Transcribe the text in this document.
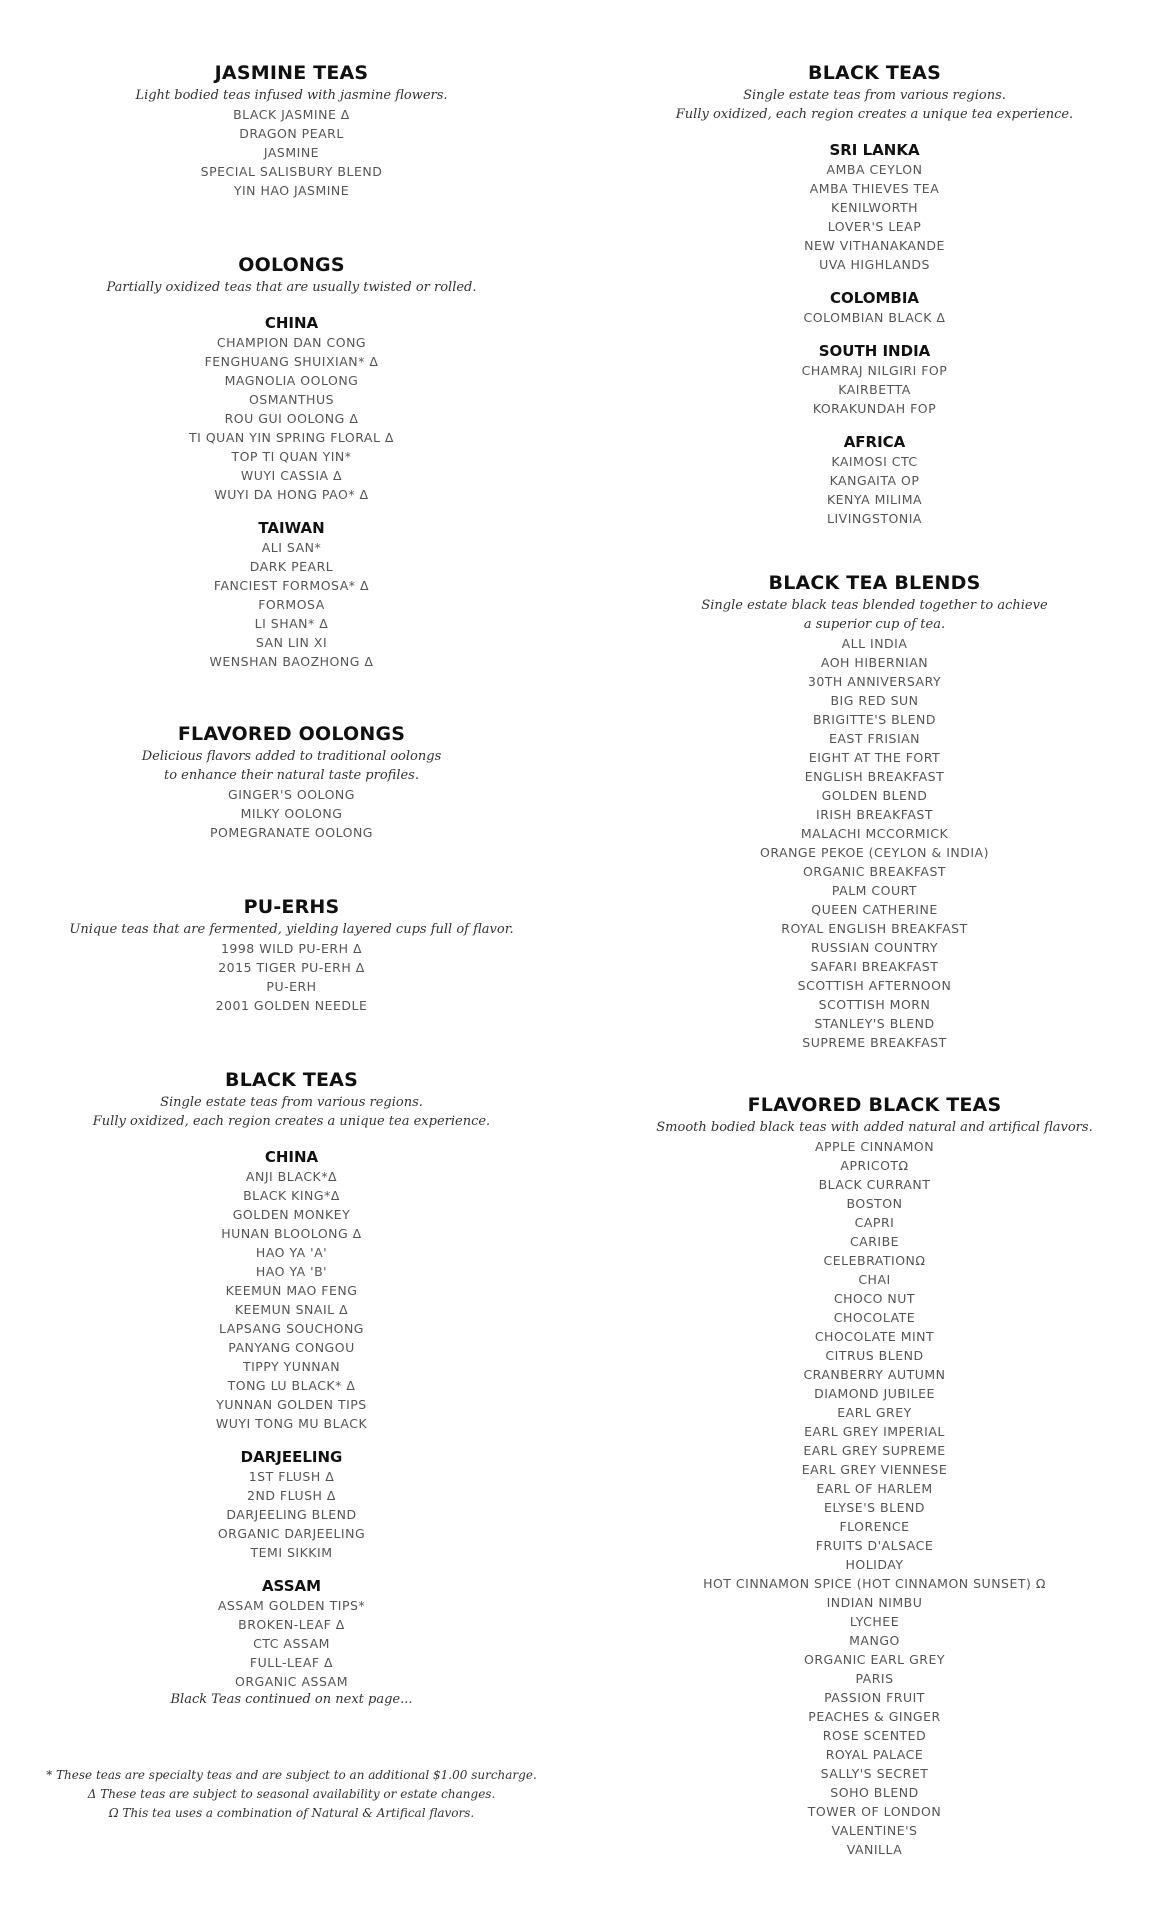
JASMINE TEAS
Light bodied teas infused with jasmine flowers.
BLACK JASMINE Δ
DRAGON PEARL
JASMINE
SPECIAL SALISBURY BLEND
YIN HAO JASMINE
OOLONGS
Partially oxidized teas that are usually twisted or rolled.
CHINA
CHAMPION DAN CONG
FENGHUANG SHUIXIAN* Δ
MAGNOLIA OOLONG
OSMANTHUS
ROU GUI OOLONG Δ
TI QUAN YIN SPRING FLORAL Δ
TOP TI QUAN YIN*
WUYI CASSIA Δ
WUYI DA HONG PAO* Δ
TAIWAN
ALI SAN*
DARK PEARL
FANCIEST FORMOSA* Δ
FORMOSA
LI SHAN* Δ
SAN LIN XI
WENSHAN BAOZHONG Δ
FLAVORED OOLONGS
Delicious flavors added to traditional oolongs
to enhance their natural taste profiles.
GINGER'S OOLONG
MILKY OOLONG
POMEGRANATE OOLONG
PU-ERHS
Unique teas that are fermented, yielding layered cups full of flavor.
1998 WILD PU-ERH Δ
2015 TIGER PU-ERH Δ
PU-ERH
2001 GOLDEN NEEDLE
BLACK TEAS
Single estate teas from various regions.
Fully oxidized, each region creates a unique tea experience.
CHINA
ANJI BLACK*Δ
BLACK KING*Δ
GOLDEN MONKEY
HUNAN BLOOLONG Δ
HAO YA 'A'
HAO YA 'B'
KEEMUN MAO FENG
KEEMUN SNAIL Δ
LAPSANG SOUCHONG
PANYANG CONGOU
TIPPY YUNNAN
TONG LU BLACK* Δ
YUNNAN GOLDEN TIPS
WUYI TONG MU BLACK
DARJEELING
1ST FLUSH Δ
2ND FLUSH Δ
DARJEELING BLEND
ORGANIC DARJEELING
TEMI SIKKIM
ASSAM
ASSAM GOLDEN TIPS*
BROKEN-LEAF Δ
CTC ASSAM
FULL-LEAF Δ
ORGANIC ASSAM
Black Teas continued on next page...
* These teas are specialty teas and are subject to an additional $1.00 surcharge.
Δ These teas are subject to seasonal availability or estate changes.
Ω This tea uses a combination of Natural & Artifical flavors.
BLACK TEAS
Single estate teas from various regions.
Fully oxidized, each region creates a unique tea experience.
SRI LANKA
AMBA CEYLON
AMBA THIEVES TEA
KENILWORTH
LOVER'S LEAP
NEW VITHANAKANDE
UVA HIGHLANDS
COLOMBIA
COLOMBIAN BLACK Δ
SOUTH INDIA
CHAMRAJ NILGIRI FOP
KAIRBETTA
KORAKUNDAH FOP
AFRICA
KAIMOSI CTC
KANGAITA OP
KENYA MILIMA
LIVINGSTONIA
BLACK TEA BLENDS
Single estate black teas blended together to achieve
a superior cup of tea.
ALL INDIA
AOH HIBERNIAN
30TH ANNIVERSARY
BIG RED SUN
BRIGITTE'S BLEND
EAST FRISIAN
EIGHT AT THE FORT
ENGLISH BREAKFAST
GOLDEN BLEND
IRISH BREAKFAST
MALACHI MCCORMICK
ORANGE PEKOE (CEYLON & INDIA)
ORGANIC BREAKFAST
PALM COURT
QUEEN CATHERINE
ROYAL ENGLISH BREAKFAST
RUSSIAN COUNTRY
SAFARI BREAKFAST
SCOTTISH AFTERNOON
SCOTTISH MORN
STANLEY'S BLEND
SUPREME BREAKFAST
FLAVORED BLACK TEAS
Smooth bodied black teas with added natural and artifical flavors.
APPLE CINNAMON
APRICOTΩ
BLACK CURRANT
BOSTON
CAPRI
CARIBE
CELEBRATIONΩ
CHAI
CHOCO NUT
CHOCOLATE
CHOCOLATE MINT
CITRUS BLEND
CRANBERRY AUTUMN
DIAMOND JUBILEE
EARL GREY
EARL GREY IMPERIAL
EARL GREY SUPREME
EARL GREY VIENNESE
EARL OF HARLEM
ELYSE'S BLEND
FLORENCE
FRUITS D'ALSACE
HOLIDAY
HOT CINNAMON SPICE (HOT CINNAMON SUNSET) Ω
INDIAN NIMBU
LYCHEE
MANGO
ORGANIC EARL GREY
PARIS
PASSION FRUIT
PEACHES & GINGER
ROSE SCENTED
ROYAL PALACE
SALLY'S SECRET
SOHO BLEND
TOWER OF LONDON
VALENTINE'S
VANILLA
